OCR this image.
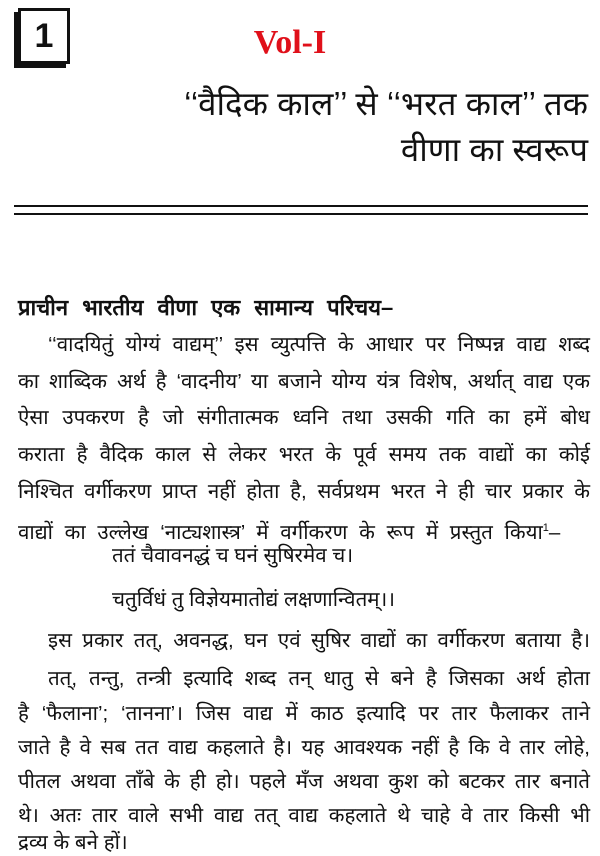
1	Vol-I
‘‘वैदिक काल’’ से ‘‘भरत काल’’ तक
वीणा का स्वरूप
प्राचीन भारतीय वीणा एक सामान्य परिचय–
‘‘वादयितुं योग्यं वाद्यम्’’ इस व्युत्पत्ति के आधार पर निष्पन्न वाद्य शब्द
का शाब्दिक अर्थ है ‘वादनीय’ या बजाने योग्य यंत्र विशेष, अर्थात् वाद्य एक
ऐसा उपकरण है जो संगीतात्मक ध्वनि तथा उसकी गति का हमें बोध
कराता है वैदिक काल से लेकर भरत के पूर्व समय तक वाद्यों का कोई
निश्चित वर्गीकरण प्राप्त नहीं होता है, सर्वप्रथम भरत ने ही चार प्रकार के
वाद्यों का उल्लेख ‘नाट्यशास्त्र’ में वर्गीकरण के रूप में प्रस्तुत किया$^1$–
ततं चैवावनद्धं च घनं सुषिरमेव च।
चतुर्विधं तु विज्ञेयमातोद्यं लक्षणान्वितम्।।
इस प्रकार तत्, अवनद्ध, घन एवं सुषिर वाद्यों का वर्गीकरण बताया है।
तत्, तन्तु, तन्त्री इत्यादि शब्द तन् धातु से बने है जिसका अर्थ होता
है ‘फैलाना’; ‘तानना’। जिस वाद्य में काठ इत्यादि पर तार फैलाकर ताने
जाते है वे सब तत वाद्य कहलाते है। यह आवश्यक नहीं है कि वे तार लोहे,
पीतल अथवा ताँबे के ही हो। पहले मँज अथवा कुश को बटकर तार बनाते
थे। अतः तार वाले सभी वाद्य तत् वाद्य कहलाते थे चाहे वे तार किसी भी
द्रव्य के बने हों।
